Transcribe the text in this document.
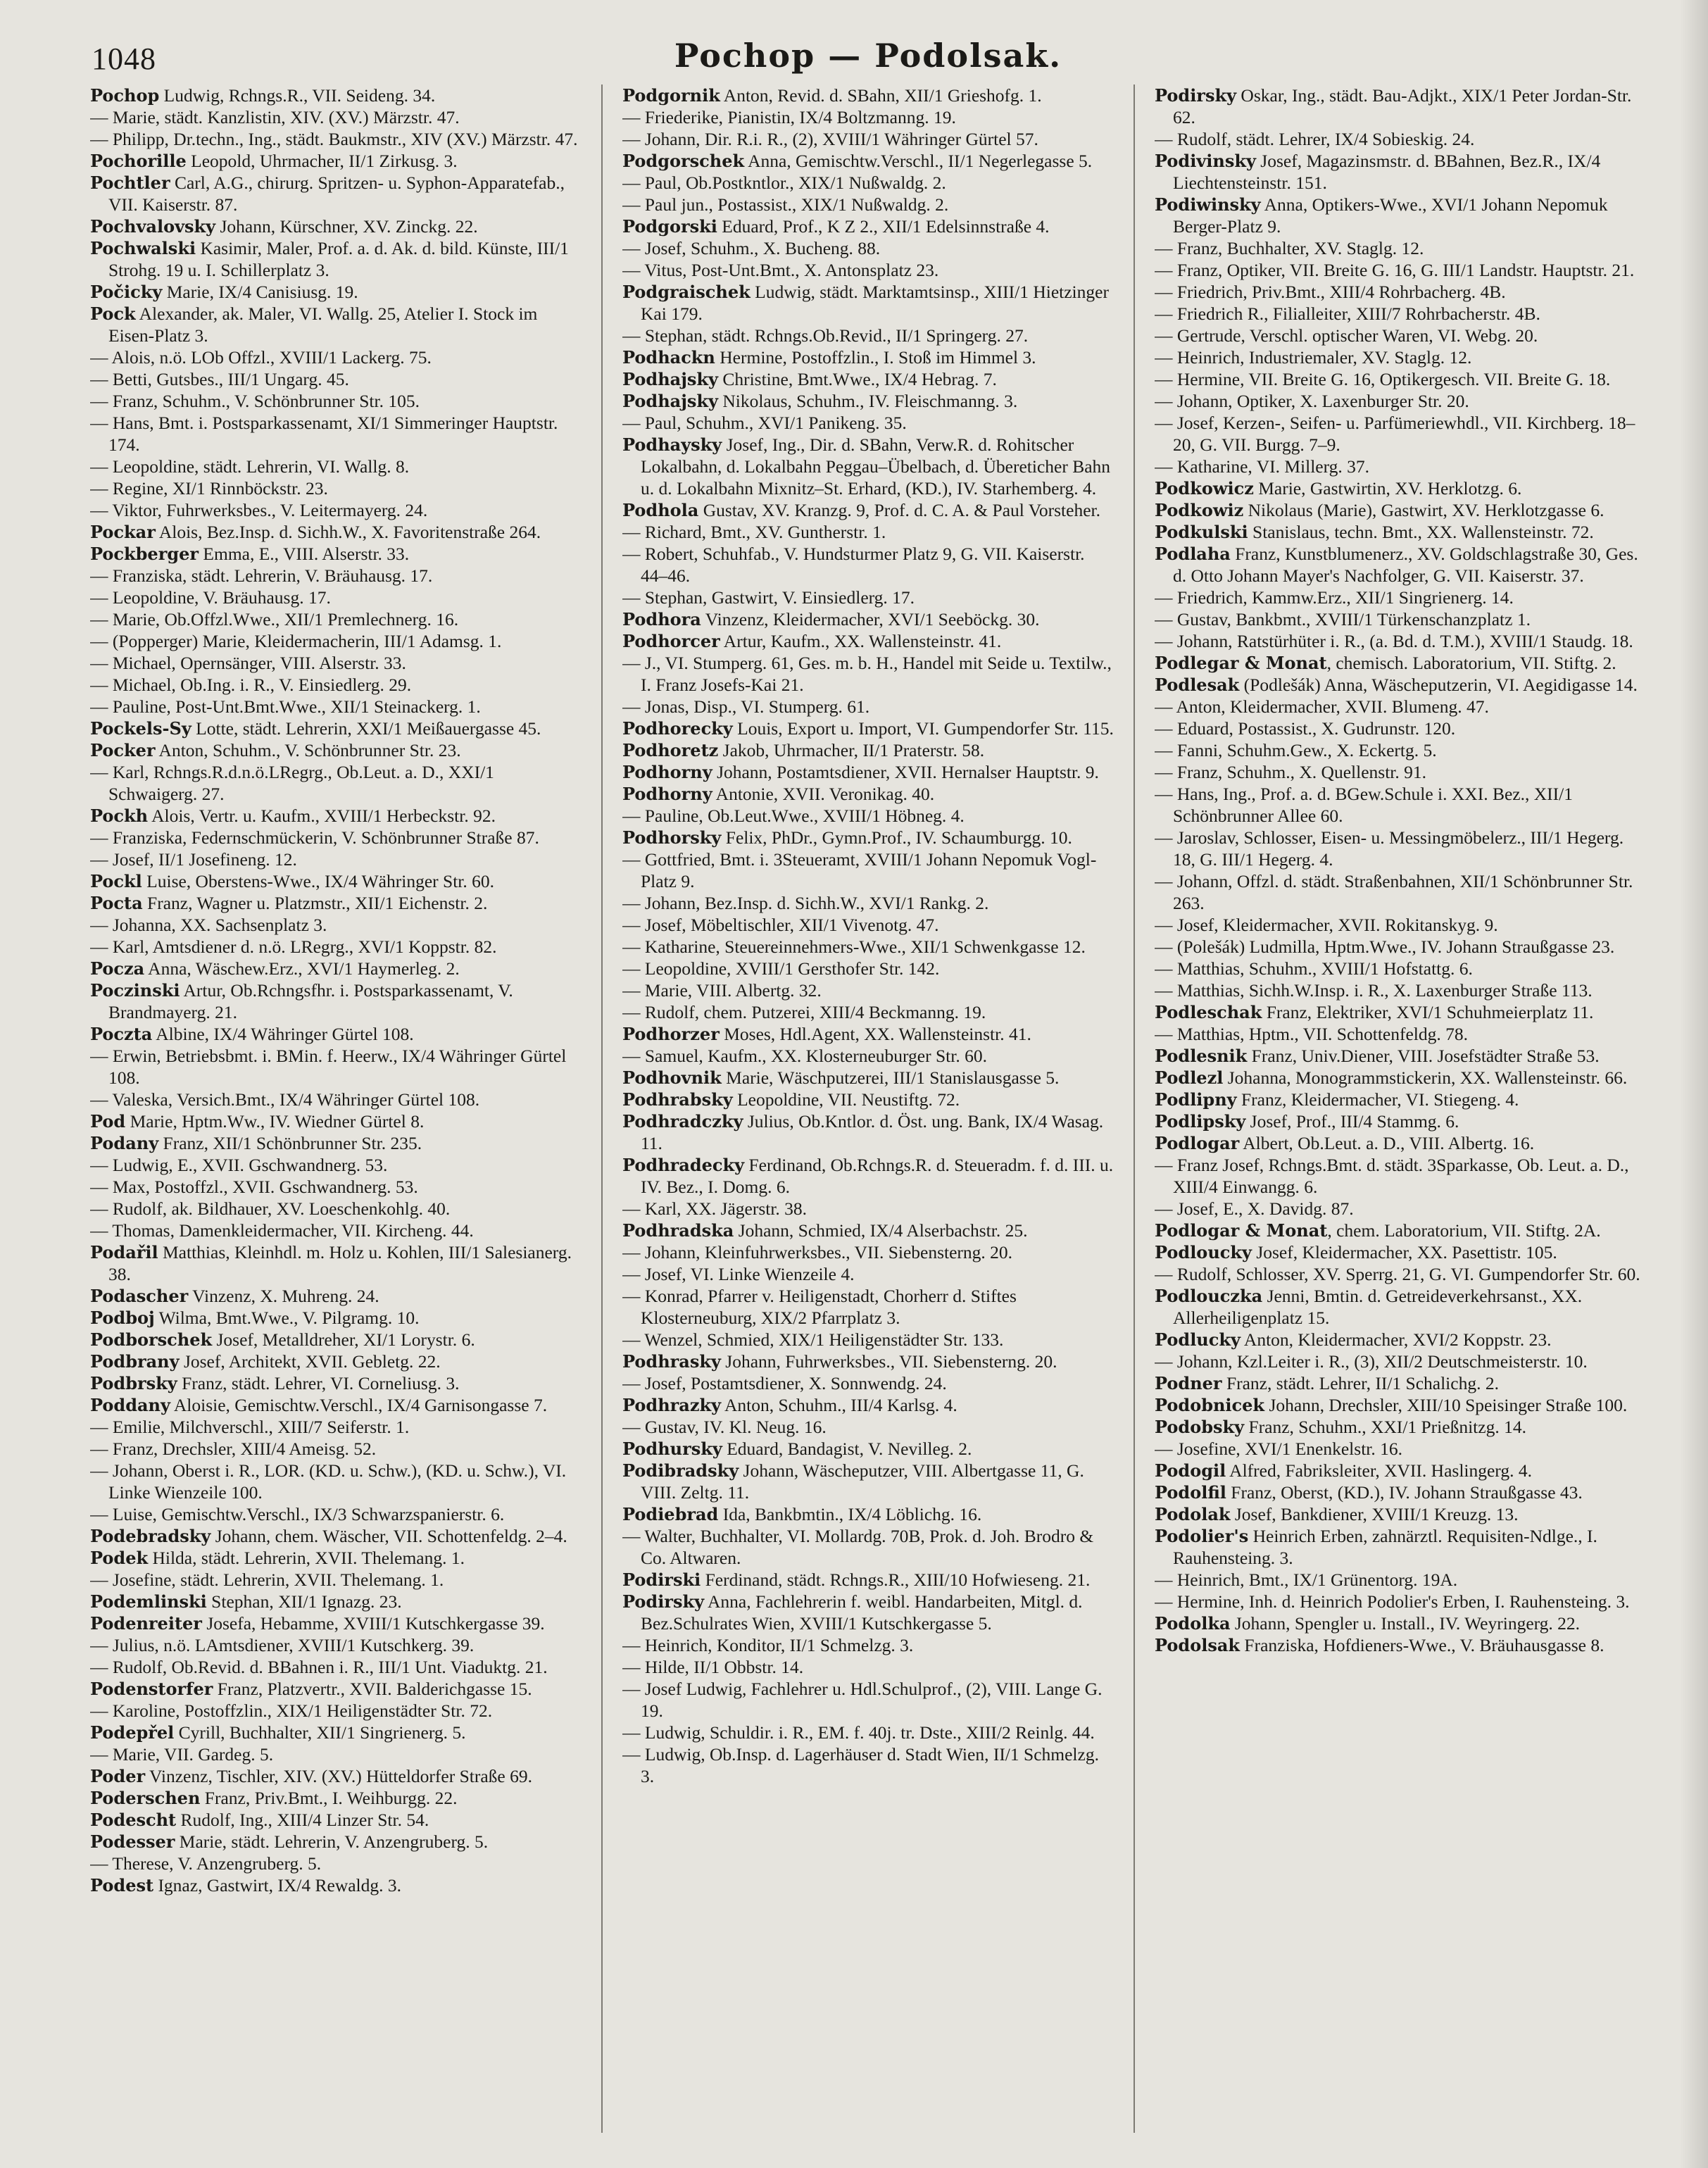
1048	Pochop — Podolsak.

Pochop Ludwig, Rchngs.R., VII. Seideng. 34.

— Marie, städt. Kanzlistin, XIV. (XV.) Märzstr. 47.

— Philipp, Dr.techn., Ing., städt. Baukmstr., XIV (XV.) Märzstr. 47.

Pochorille Leopold, Uhrmacher, II/1 Zirkusg. 3.

Pochtler Carl, A.G., chirurg. Spritzen- u. Syphon-Apparatefab., VII. Kaiserstr. 87.

Pochvalovsky Johann, Kürschner, XV. Zinckg. 22.

Pochwalski Kasimir, Maler, Prof. a. d. Ak. d. bild. Künste, III/1 Strohg. 19 u. I. Schillerplatz 3.

Počicky Marie, IX/4 Canisiusg. 19.

Pock Alexander, ak. Maler, VI. Wallg. 25, Atelier I. Stock im Eisen-Platz 3.

— Alois, n.ö. LOb Offzl., XVIII/1 Lackerg. 75.

— Betti, Gutsbes., III/1 Ungarg. 45.

— Franz, Schuhm., V. Schönbrunner Str. 105.

— Hans, Bmt. i. Postsparkassenamt, XI/1 Simmeringer Hauptstr. 174.

— Leopoldine, städt. Lehrerin, VI. Wallg. 8.

— Regine, XI/1 Rinnböckstr. 23.

— Viktor, Fuhrwerksbes., V. Leitermayerg. 24.

Pockar Alois, Bez.Insp. d. Sichh.W., X. Favoritenstraße 264.

Pockberger Emma, E., VIII. Alserstr. 33.

— Franziska, städt. Lehrerin, V. Bräuhausg. 17.

— Leopoldine, V. Bräuhausg. 17.

— Marie, Ob.Offzl.Wwe., XII/1 Premlechnerg. 16.

— (Popperger) Marie, Kleidermacherin, III/1 Adamsg. 1.

— Michael, Opernsänger, VIII. Alserstr. 33.

— Michael, Ob.Ing. i. R., V. Einsiedlerg. 29.

— Pauline, Post-Unt.Bmt.Wwe., XII/1 Steinackerg. 1.

Pockels-Sy Lotte, städt. Lehrerin, XXI/1 Meißauergasse 45.

Pocker Anton, Schuhm., V. Schönbrunner Str. 23.

— Karl, Rchngs.R.d.n.ö.LRegrg., Ob.Leut. a. D., XXI/1 Schwaigerg. 27.

Pockh Alois, Vertr. u. Kaufm., XVIII/1 Herbeckstr. 92.

— Franziska, Federnschmückerin, V. Schönbrunner Straße 87.

— Josef, II/1 Josefineng. 12.

Pockl Luise, Oberstens-Wwe., IX/4 Währinger Str. 60.

Pocta Franz, Wagner u. Platzmstr., XII/1 Eichenstr. 2.

— Johanna, XX. Sachsenplatz 3.

— Karl, Amtsdiener d. n.ö. LRegrg., XVI/1 Koppstr. 82.

Pocza Anna, Wäschew.Erz., XVI/1 Haymerleg. 2.

Poczinski Artur, Ob.Rchngsfhr. i. Postsparkassenamt, V. Brandmayerg. 21.

Poczta Albine, IX/4 Währinger Gürtel 108.

— Erwin, Betriebsbmt. i. BMin. f. Heerw., IX/4 Währinger Gürtel 108.

— Valeska, Versich.Bmt., IX/4 Währinger Gürtel 108.

Pod Marie, Hptm.Ww., IV. Wiedner Gürtel 8.

Podany Franz, XII/1 Schönbrunner Str. 235.

— Ludwig, E., XVII. Gschwandnerg. 53.

— Max, Postoffzl., XVII. Gschwandnerg. 53.

— Rudolf, ak. Bildhauer, XV. Loeschenkohlg. 40.

— Thomas, Damenkleidermacher, VII. Kircheng. 44.

Podařil Matthias, Kleinhdl. m. Holz u. Kohlen, III/1 Salesianerg. 38.

Podascher Vinzenz, X. Muhreng. 24.

Podboj Wilma, Bmt.Wwe., V. Pilgramg. 10.

Podborschek Josef, Metalldreher, XI/1 Lorystr. 6.

Podbrany Josef, Architekt, XVII. Gebletg. 22.

Podbrsky Franz, städt. Lehrer, VI. Corneliusg. 3.

Poddany Aloisie, Gemischtw.Verschl., IX/4 Garnisongasse 7.

— Emilie, Milchverschl., XIII/7 Seiferstr. 1.

— Franz, Drechsler, XIII/4 Ameisg. 52.

— Johann, Oberst i. R., LOR. (KD. u. Schw.), (KD. u. Schw.), VI. Linke Wienzeile 100.

— Luise, Gemischtw.Verschl., IX/3 Schwarzspanierstr. 6.

Podebradsky Johann, chem. Wäscher, VII. Schottenfeldg. 2–4.

Podek Hilda, städt. Lehrerin, XVII. Thelemang. 1.

— Josefine, städt. Lehrerin, XVII. Thelemang. 1.

Podemlinski Stephan, XII/1 Ignazg. 23.

Podenreiter Josefa, Hebamme, XVIII/1 Kutschkergasse 39.

— Julius, n.ö. LAmtsdiener, XVIII/1 Kutschkerg. 39.

— Rudolf, Ob.Revid. d. BBahnen i. R., III/1 Unt. Viaduktg. 21.

Podenstorfer Franz, Platzvertr., XVII. Balderichgasse 15.

— Karoline, Postoffzlin., XIX/1 Heiligenstädter Str. 72.

Podepřel Cyrill, Buchhalter, XII/1 Singrienerg. 5.

— Marie, VII. Gardeg. 5.

Poder Vinzenz, Tischler, XIV. (XV.) Hütteldorfer Straße 69.

Poderschen Franz, Priv.Bmt., I. Weihburgg. 22.

Podescht Rudolf, Ing., XIII/4 Linzer Str. 54.

Podesser Marie, städt. Lehrerin, V. Anzengruberg. 5.

— Therese, V. Anzengruberg. 5.

Podest Ignaz, Gastwirt, IX/4 Rewaldg. 3.

Podgornik Anton, Revid. d. SBahn, XII/1 Grieshofg. 1.

— Friederike, Pianistin, IX/4 Boltzmanng. 19.

— Johann, Dir. R.i. R., (2), XVIII/1 Währinger Gürtel 57.

Podgorschek Anna, Gemischtw.Verschl., II/1 Negerlegasse 5.

— Paul, Ob.Postkntlor., XIX/1 Nußwaldg. 2.

— Paul jun., Postassist., XIX/1 Nußwaldg. 2.

Podgorski Eduard, Prof., K Z 2., XII/1 Edelsinnstraße 4.

— Josef, Schuhm., X. Bucheng. 88.

— Vitus, Post-Unt.Bmt., X. Antonsplatz 23.

Podgraischek Ludwig, städt. Marktamtsinsp., XIII/1 Hietzinger Kai 179.

— Stephan, städt. Rchngs.Ob.Revid., II/1 Springerg. 27.

Podhackn Hermine, Postoffzlin., I. Stoß im Himmel 3.

Podhajsky Christine, Bmt.Wwe., IX/4 Hebrag. 7.

Podhajsky Nikolaus, Schuhm., IV. Fleischmanng. 3.

— Paul, Schuhm., XVI/1 Panikeng. 35.

Podhaysky Josef, Ing., Dir. d. SBahn, Verw.R. d. Rohitscher Lokalbahn, d. Lokalbahn Peggau–Übelbach, d. Übereticher Bahn u. d. Lokalbahn Mixnitz–St. Erhard, (KD.), IV. Starhemberg. 4.

Podhola Gustav, XV. Kranzg. 9, Prof. d. C. A. & Paul Vorsteher.

— Richard, Bmt., XV. Guntherstr. 1.

— Robert, Schuhfab., V. Hundsturmer Platz 9, G. VII. Kaiserstr. 44–46.

— Stephan, Gastwirt, V. Einsiedlerg. 17.

Podhora Vinzenz, Kleidermacher, XVI/1 Seeböckg. 30.

Podhorcer Artur, Kaufm., XX. Wallensteinstr. 41.

— J., VI. Stumperg. 61, Ges. m. b. H., Handel mit Seide u. Textilw., I. Franz Josefs-Kai 21.

— Jonas, Disp., VI. Stumperg. 61.

Podhorecky Louis, Export u. Import, VI. Gumpendorfer Str. 115.

Podhoretz Jakob, Uhrmacher, II/1 Praterstr. 58.

Podhorny Johann, Postamtsdiener, XVII. Hernalser Hauptstr. 9.

Podhorny Antonie, XVII. Veronikag. 40.

— Pauline, Ob.Leut.Wwe., XVIII/1 Höbneg. 4.

Podhorsky Felix, PhDr., Gymn.Prof., IV. Schaumburgg. 10.

— Gottfried, Bmt. i. 3Steueramt, XVIII/1 Johann Nepomuk Vogl-Platz 9.

— Johann, Bez.Insp. d. Sichh.W., XVI/1 Rankg. 2.

— Josef, Möbeltischler, XII/1 Vivenotg. 47.

— Katharine, Steuereinnehmers-Wwe., XII/1 Schwenkgasse 12.

— Leopoldine, XVIII/1 Gersthofer Str. 142.

— Marie, VIII. Albertg. 32.

— Rudolf, chem. Putzerei, XIII/4 Beckmanng. 19.

Podhorzer Moses, Hdl.Agent, XX. Wallensteinstr. 41.

— Samuel, Kaufm., XX. Klosterneuburger Str. 60.

Podhovnik Marie, Wäschputzerei, III/1 Stanislausgasse 5.

Podhrabsky Leopoldine, VII. Neustiftg. 72.

Podhradczky Julius, Ob.Kntlor. d. Öst. ung. Bank, IX/4 Wasag. 11.

Podhradecky Ferdinand, Ob.Rchngs.R. d. Steueradm. f. d. III. u. IV. Bez., I. Domg. 6.

— Karl, XX. Jägerstr. 38.

Podhradska Johann, Schmied, IX/4 Alserbachstr. 25.

— Johann, Kleinfuhrwerksbes., VII. Siebensterng. 20.

— Josef, VI. Linke Wienzeile 4.

— Konrad, Pfarrer v. Heiligenstadt, Chorherr d. Stiftes Klosterneuburg, XIX/2 Pfarrplatz 3.

— Wenzel, Schmied, XIX/1 Heiligenstädter Str. 133.

Podhrasky Johann, Fuhrwerksbes., VII. Siebensterng. 20.

— Josef, Postamtsdiener, X. Sonnwendg. 24.

Podhrazky Anton, Schuhm., III/4 Karlsg. 4.

— Gustav, IV. Kl. Neug. 16.

Podhursky Eduard, Bandagist, V. Nevilleg. 2.

Podibradsky Johann, Wäscheputzer, VIII. Albertgasse 11, G. VIII. Zeltg. 11.

Podiebrad Ida, Bankbmtin., IX/4 Löblichg. 16.

— Walter, Buchhalter, VI. Mollardg. 70B, Prok. d. Joh. Brodro & Co. Altwaren.

Podirski Ferdinand, städt. Rchngs.R., XIII/10 Hofwieseng. 21.

Podirsky Anna, Fachlehrerin f. weibl. Handarbeiten, Mitgl. d. Bez.Schulrates Wien, XVIII/1 Kutschkergasse 5.

— Heinrich, Konditor, II/1 Schmelzg. 3.

— Hilde, II/1 Obbstr. 14.

— Josef Ludwig, Fachlehrer u. Hdl.Schulprof., (2), VIII. Lange G. 19.

— Ludwig, Schuldir. i. R., EM. f. 40j. tr. Dste., XIII/2 Reinlg. 44.

— Ludwig, Ob.Insp. d. Lagerhäuser d. Stadt Wien, II/1 Schmelzg. 3.

Podirsky Oskar, Ing., städt. Bau-Adjkt., XIX/1 Peter Jordan-Str. 62.

— Rudolf, städt. Lehrer, IX/4 Sobieskig. 24.

Podivinsky Josef, Magazinsmstr. d. BBahnen, Bez.R., IX/4 Liechtensteinstr. 151.

Podiwinsky Anna, Optikers-Wwe., XVI/1 Johann Nepomuk Berger-Platz 9.

— Franz, Buchhalter, XV. Staglg. 12.

— Franz, Optiker, VII. Breite G. 16, G. III/1 Landstr. Hauptstr. 21.

— Friedrich, Priv.Bmt., XIII/4 Rohrbacherg. 4B.

— Friedrich R., Filialleiter, XIII/7 Rohrbacherstr. 4B.

— Gertrude, Verschl. optischer Waren, VI. Webg. 20.

— Heinrich, Industriemaler, XV. Staglg. 12.

— Hermine, VII. Breite G. 16, Optikergesch. VII. Breite G. 18.

— Johann, Optiker, X. Laxenburger Str. 20.

— Josef, Kerzen-, Seifen- u. Parfümeriewhdl., VII. Kirchberg. 18–20, G. VII. Burgg. 7–9.

— Katharine, VI. Millerg. 37.

Podkowicz Marie, Gastwirtin, XV. Herklotzg. 6.

Podkowiz Nikolaus (Marie), Gastwirt, XV. Herklotzgasse 6.

Podkulski Stanislaus, techn. Bmt., XX. Wallensteinstr. 72.

Podlaha Franz, Kunstblumenerz., XV. Goldschlagstraße 30, Ges. d. Otto Johann Mayer's Nachfolger, G. VII. Kaiserstr. 37.

— Friedrich, Kammw.Erz., XII/1 Singrienerg. 14.

— Gustav, Bankbmt., XVIII/1 Türkenschanzplatz 1.

— Johann, Ratstürhüter i. R., (a. Bd. d. T.M.), XVIII/1 Staudg. 18.

Podlegar & Monat, chemisch. Laboratorium, VII. Stiftg. 2.

Podlesak (Podlešák) Anna, Wäscheputzerin, VI. Aegidigasse 14.

— Anton, Kleidermacher, XVII. Blumeng. 47.

— Eduard, Postassist., X. Gudrunstr. 120.

— Fanni, Schuhm.Gew., X. Eckertg. 5.

— Franz, Schuhm., X. Quellenstr. 91.

— Hans, Ing., Prof. a. d. BGew.Schule i. XXI. Bez., XII/1 Schönbrunner Allee 60.

— Jaroslav, Schlosser, Eisen- u. Messingmöbelerz., III/1 Hegerg. 18, G. III/1 Hegerg. 4.

— Johann, Offzl. d. städt. Straßenbahnen, XII/1 Schönbrunner Str. 263.

— Josef, Kleidermacher, XVII. Rokitanskyg. 9.

— (Polešák) Ludmilla, Hptm.Wwe., IV. Johann Straußgasse 23.

— Matthias, Schuhm., XVIII/1 Hofstattg. 6.

— Matthias, Sichh.W.Insp. i. R., X. Laxenburger Straße 113.

Podleschak Franz, Elektriker, XVI/1 Schuhmeierplatz 11.

— Matthias, Hptm., VII. Schottenfeldg. 78.

Podlesnik Franz, Univ.Diener, VIII. Josefstädter Straße 53.

Podlezl Johanna, Monogrammstickerin, XX. Wallensteinstr. 66.

Podlipny Franz, Kleidermacher, VI. Stiegeng. 4.

Podlipsky Josef, Prof., III/4 Stammg. 6.

Podlogar Albert, Ob.Leut. a. D., VIII. Albertg. 16.

— Franz Josef, Rchngs.Bmt. d. städt. 3Sparkasse, Ob. Leut. a. D., XIII/4 Einwangg. 6.

— Josef, E., X. Davidg. 87.

Podlogar & Monat, chem. Laboratorium, VII. Stiftg. 2A.

Podloucky Josef, Kleidermacher, XX. Pasettistr. 105.

— Rudolf, Schlosser, XV. Sperrg. 21, G. VI. Gumpendorfer Str. 60.

Podlouczka Jenni, Bmtin. d. Getreideverkehrsanst., XX. Allerheiligenplatz 15.

Podlucky Anton, Kleidermacher, XVI/2 Koppstr. 23.

— Johann, Kzl.Leiter i. R., (3), XII/2 Deutschmeisterstr. 10.

Podner Franz, städt. Lehrer, II/1 Schalichg. 2.

Podobnicek Johann, Drechsler, XIII/10 Speisinger Straße 100.

Podobsky Franz, Schuhm., XXI/1 Prießnitzg. 14.

— Josefine, XVI/1 Enenkelstr. 16.

Podogil Alfred, Fabriksleiter, XVII. Haslingerg. 4.

Podolfil Franz, Oberst, (KD.), IV. Johann Straußgasse 43.

Podolak Josef, Bankdiener, XVIII/1 Kreuzg. 13.

Podolier's Heinrich Erben, zahnärztl. Requisiten-Ndlge., I. Rauhensteing. 3.

— Heinrich, Bmt., IX/1 Grünentorg. 19A.

— Hermine, Inh. d. Heinrich Podolier's Erben, I. Rauhensteing. 3.

Podolka Johann, Spengler u. Install., IV. Weyringerg. 22.

Podolsak Franziska, Hofdieners-Wwe., V. Bräuhausgasse 8.
